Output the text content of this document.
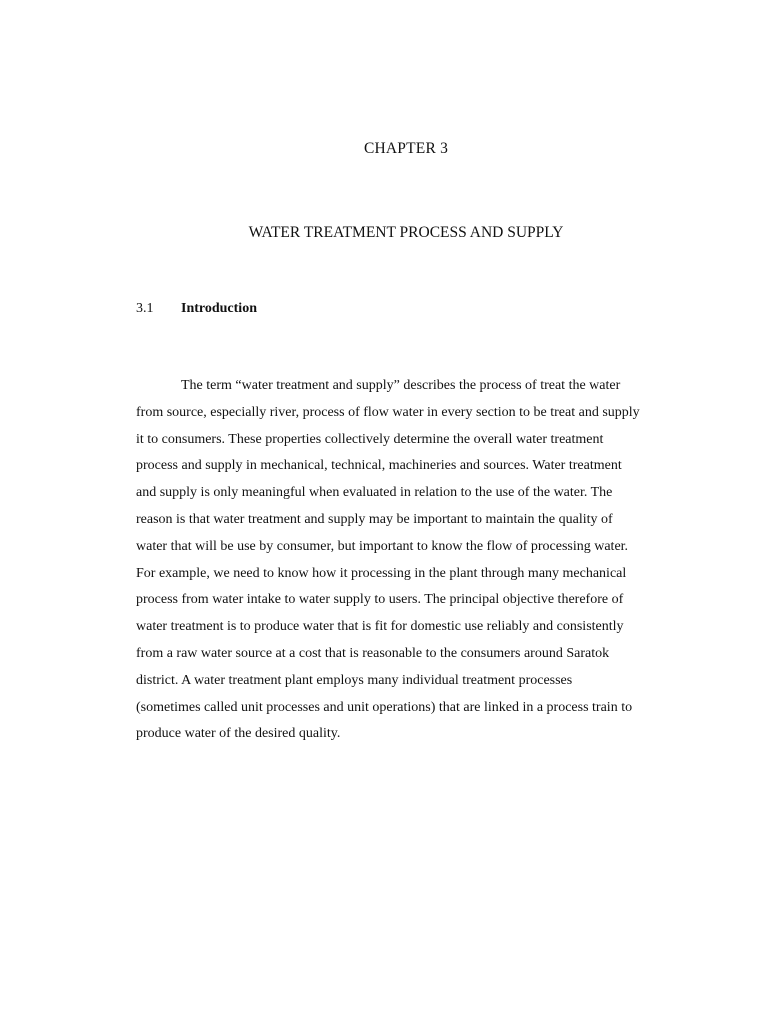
CHAPTER 3
WATER TREATMENT PROCESS AND SUPPLY
3.1 Introduction
The term “water treatment and supply” describes the process of treat the water
from source, especially river, process of flow water in every section to be treat and supply
it to consumers. These properties collectively determine the overall water treatment
process and supply in mechanical, technical, machineries and sources. Water treatment
and supply is only meaningful when evaluated in relation to the use of the water. The
reason is that water treatment and supply may be important to maintain the quality of
water that will be use by consumer, but important to know the flow of processing water.
For example, we need to know how it processing in the plant through many mechanical
process from water intake to water supply to users. The principal objective therefore of
water treatment is to produce water that is fit for domestic use reliably and consistently
from a raw water source at a cost that is reasonable to the consumers around Saratok
district. A water treatment plant employs many individual treatment processes
(sometimes called unit processes and unit operations) that are linked in a process train to
produce water of the desired quality.
